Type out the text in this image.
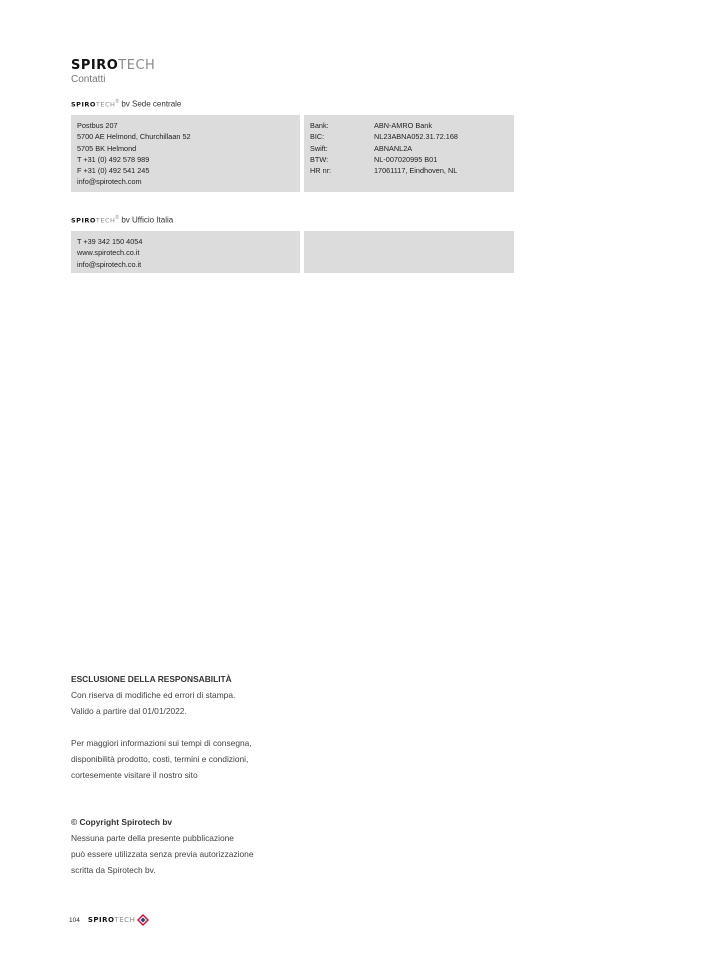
SPIROTECH
Contatti
SPIROTECH® bv Sede centrale
Postbus 207
5700 AE Helmond, Churchillaan 52
5705 BK Helmond
T +31 (0) 492 578 989
F +31 (0) 492 541 245
info@spirotech.com
Bank:	ABN-AMRO Bank
BIC:	NL23ABNA052.31.72.168
Swift:	ABNANL2A
BTW:	NL-007020995 B01
HR nr:	17061117, Eindhoven, NL
SPIROTECH® bv Ufficio Italia
T +39 342 150 4054
www.spirotech.co.it
info@spirotech.co.it
ESCLUSIONE DELLA RESPONSABILITÀ
Con riserva di modifiche ed errori di stampa.
Valido a partire dal 01/01/2022.
Per maggiori informazioni sui tempi di consegna,
disponibilità prodotto, costi, termini e condizioni,
cortesemente visitare il nostro sito
© Copyright Spirotech bv
Nessuna parte della presente pubblicazione
può essere utilizzata senza previa autorizzazione
scritta da Spirotech bv.
104 SPIROTECH
